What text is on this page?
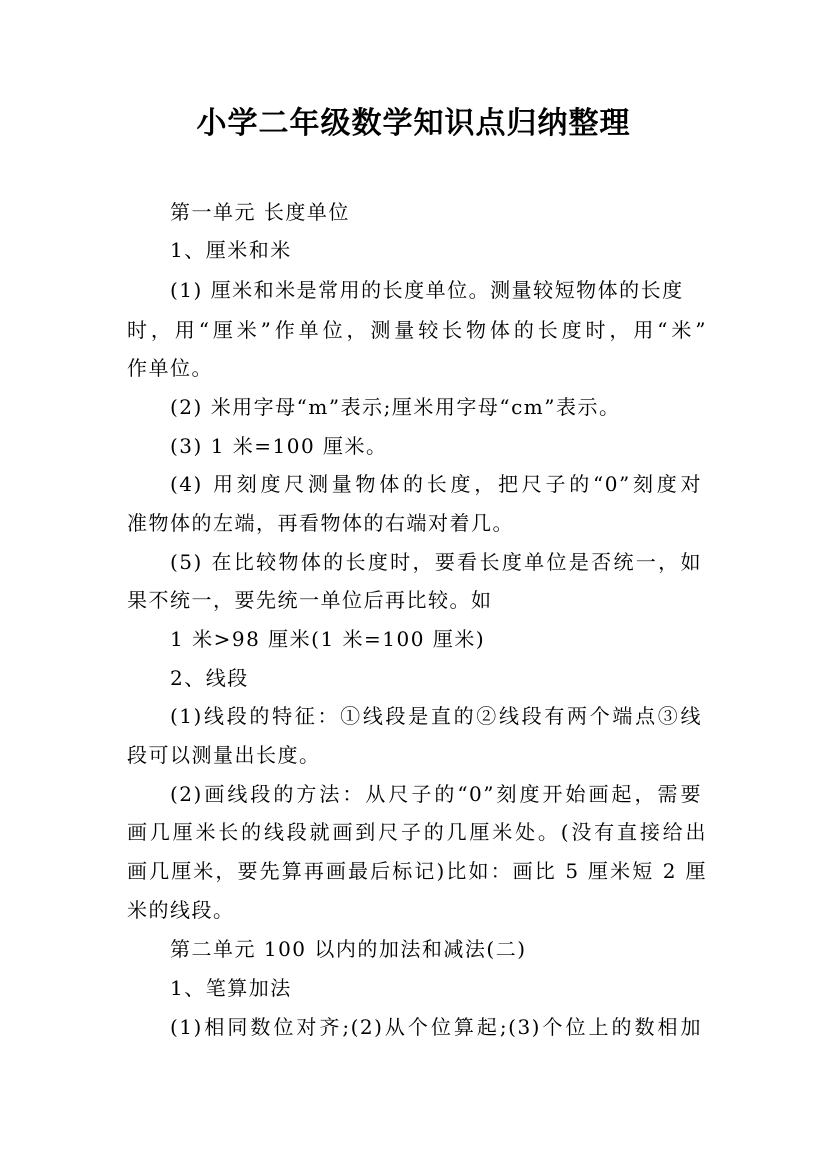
小学二年级数学知识点归纳整理
第一单元 长度单位
1、厘米和米
(1) 厘米和米是常用的长度单位。测量较短物体的长度
时，用“厘米”作单位，测量较长物体的长度时，用“米”
作单位。
(2) 米用字母“m”表示;厘米用字母“cm”表示。
(3) 1 米=100 厘米。
(4) 用刻度尺测量物体的长度，把尺子的“0”刻度对
准物体的左端，再看物体的右端对着几。
(5) 在比较物体的长度时，要看长度单位是否统一，如
果不统一，要先统一单位后再比较。如
1 米>98 厘米(1 米=100 厘米)
2、线段
(1)线段的特征：①线段是直的②线段有两个端点③线
段可以测量出长度。
(2)画线段的方法：从尺子的“0”刻度开始画起，需要
画几厘米长的线段就画到尺子的几厘米处。(没有直接给出
画几厘米，要先算再画最后标记)比如：画比 5 厘米短 2 厘
米的线段。
第二单元 100 以内的加法和减法(二)
1、笔算加法
(1)相同数位对齐;(2)从个位算起;(3)个位上的数相加
